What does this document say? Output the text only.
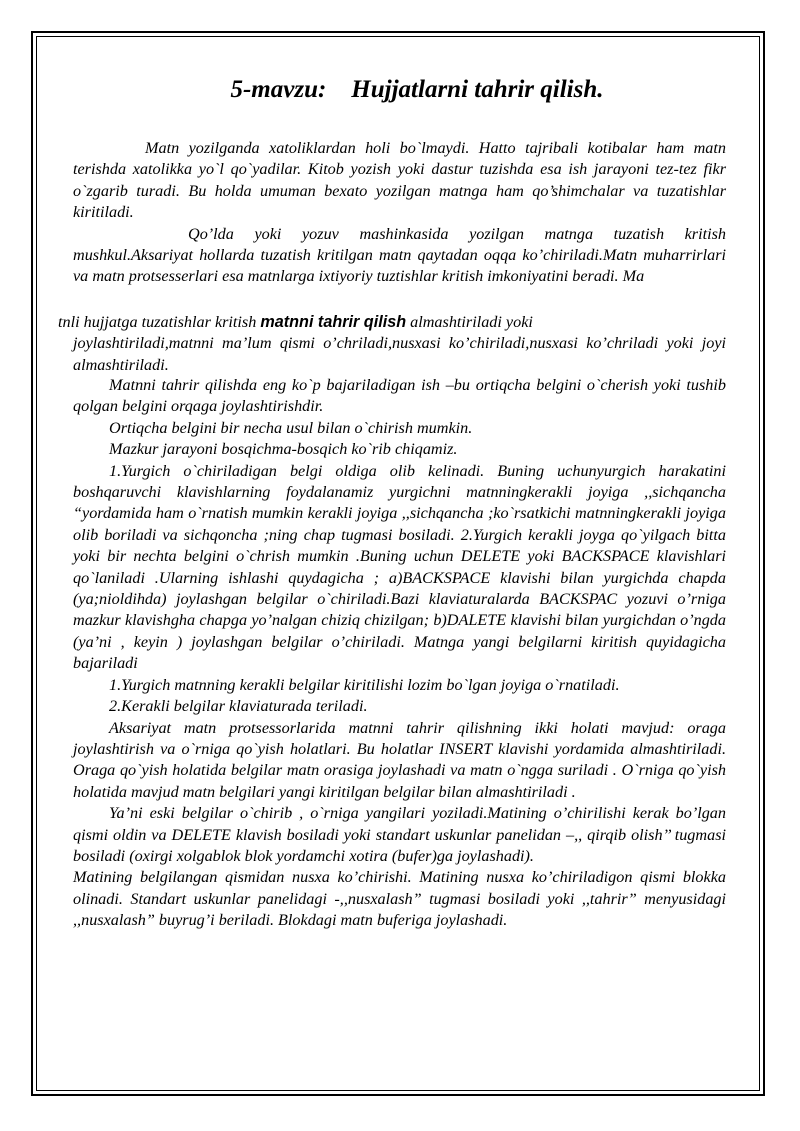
5-mavzu:    Hujjatlarni tahrir qilish.

Matn yozilganda xatoliklardan holi bo`lmaydi. Hatto tajribali kotibalar ham matn terishda xatolikka yo`l qo`yadilar. Kitob yozish yoki dastur tuzishda esa ish jarayoni tez-tez fikr o`zgarib turadi. Bu holda umuman bexato yozilgan matnga ham qo’shimchalar va tuzatishlar kiritiladi.

Qo’lda yoki yozuv mashinkasida yozilgan matnga tuzatish kritish mushkul.Aksariyat hollarda tuzatish kritilgan matn qaytadan oqqa ko’chiriladi.Matn muharrirlari va matn protsesserlari esa matnlarga ixtiyoriy tuztishlar kritish imkoniyatini beradi. Ma

tnli hujjatga tuzatishlar kritish matnni tahrir qilish almashtiriladi yoki

joylashtiriladi,matnni ma’lum qismi o’chriladi,nusxasi ko’chiriladi,nusxasi ko’chriladi yoki joyi almashtiriladi.

Matnni tahrir qilishda eng ko`p bajariladigan ish –bu ortiqcha belgini o`cherish yoki tushib qolgan belgini orqaga joylashtirishdir.

Ortiqcha belgini bir necha usul bilan o`chirish mumkin.

Mazkur jarayoni bosqichma-bosqich ko`rib chiqamiz.

1.Yurgich o`chiriladigan belgi oldiga olib kelinadi. Buning uchunyurgich harakatini boshqaruvchi klavishlarning foydalanamiz yurgichni matnningkerakli joyiga ,,sichqancha “yordamida ham o`rnatish mumkin kerakli joyiga ,,sichqancha ;ko`rsatkichi matnningkerakli joyiga olib boriladi va sichqoncha ;ning chap tugmasi bosiladi. 2.Yurgich kerakli joyga qo`yilgach bitta yoki bir nechta belgini o`chrish mumkin .Buning uchun DELETE yoki BACKSPACE klavishlari qo`laniladi .Ularning ishlashi quydagicha ; a)BACKSPACE klavishi bilan yurgichda chapda (ya;nioldihda) joylashgan belgilar o`chiriladi.Bazi klaviaturalarda BACKSPAC yozuvi o’rniga mazkur klavishgha chapga yo’nalgan chiziq chizilgan; b)DALETE klavishi bilan yurgichdan o’ngda (ya’ni , keyin ) joylashgan belgilar o’chiriladi. Matnga yangi belgilarni kiritish quyidagicha bajariladi

1.Yurgich matnning kerakli belgilar kiritilishi lozim bo`lgan joyiga o`rnatiladi.

2.Kerakli belgilar klaviaturada teriladi.

Aksariyat matn protsessorlarida matnni tahrir qilishning ikki holati mavjud: oraga joylashtirish va o`rniga qo`yish holatlari. Bu holatlar INSERT klavishi yordamida almashtiriladi. Oraga qo`yish holatida belgilar matn orasiga joylashadi va matn o`ngga suriladi . O`rniga qo`yish holatida mavjud matn belgilari yangi kiritilgan belgilar bilan almashtiriladi .

Ya’ni eski belgilar o`chirib , o`rniga yangilari yoziladi.Matining o’chirilishi kerak bo’lgan qismi oldin va DELETE klavish bosiladi yoki standart uskunlar panelidan –,, qirqib olish’’ tugmasi bosiladi (oxirgi xolgablok blok yordamchi xotira (bufer)ga joylashadi).

Matining belgilangan qismidan nusxa ko’chirishi. Matining nusxa ko’chiriladigon qismi blokka olinadi. Standart uskunlar panelidagi -,,nusxalash” tugmasi bosiladi yoki ,,tahrir” menyusidagi ,,nusxalash” buyrug’i beriladi. Blokdagi matn buferiga joylashadi.
